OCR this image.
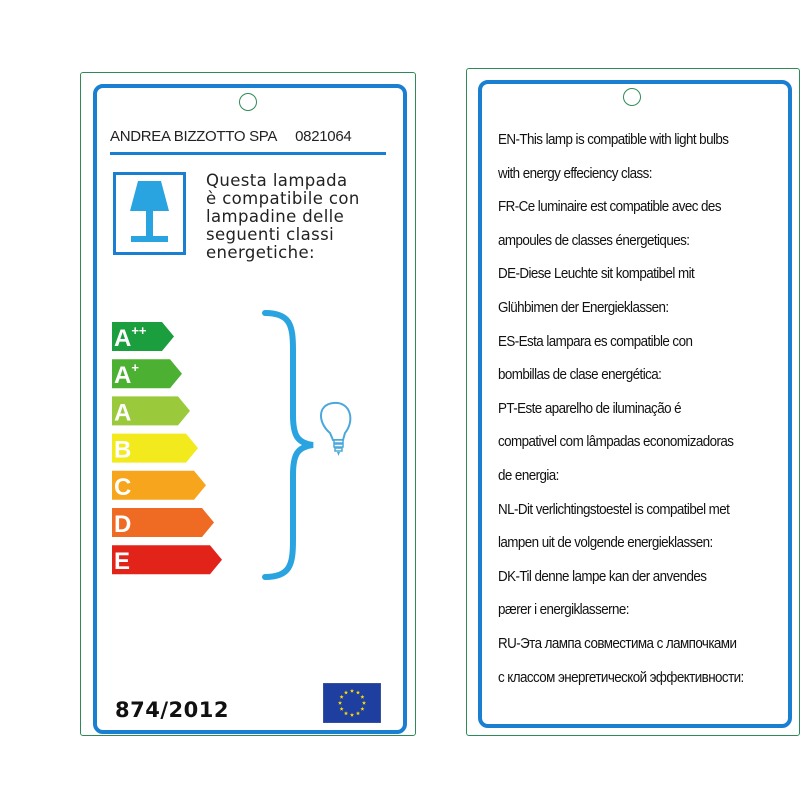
ANDREA BIZZOTTO SPA 0821064
Questa lampada
è compatibile con
lampadine delle
seguenti classi
energetiche:
A++
A+
A
B
C
D
E
874/2012
EN-This lamp is compatible with light bulbs
with energy effeciency class:
FR-Ce luminaire est compatible avec des
ampoules de classes énergetiques:
DE-Diese Leuchte sit kompatibel mit
Glühbimen der Energieklassen:
ES-Esta lampara es compatible con
bombillas de clase energética:
PT-Este aparelho de iluminação é
compativel com lâmpadas economizadoras
de energia:
NL-Dit verlichtingstoestel is compatibel met
lampen uit de volgende energieklassen:
DK-Til denne lampe kan der anvendes
pærer i energiklasserne:
RU-Эта лампа совместима с лампочками
с классом энергетической эффективности:
